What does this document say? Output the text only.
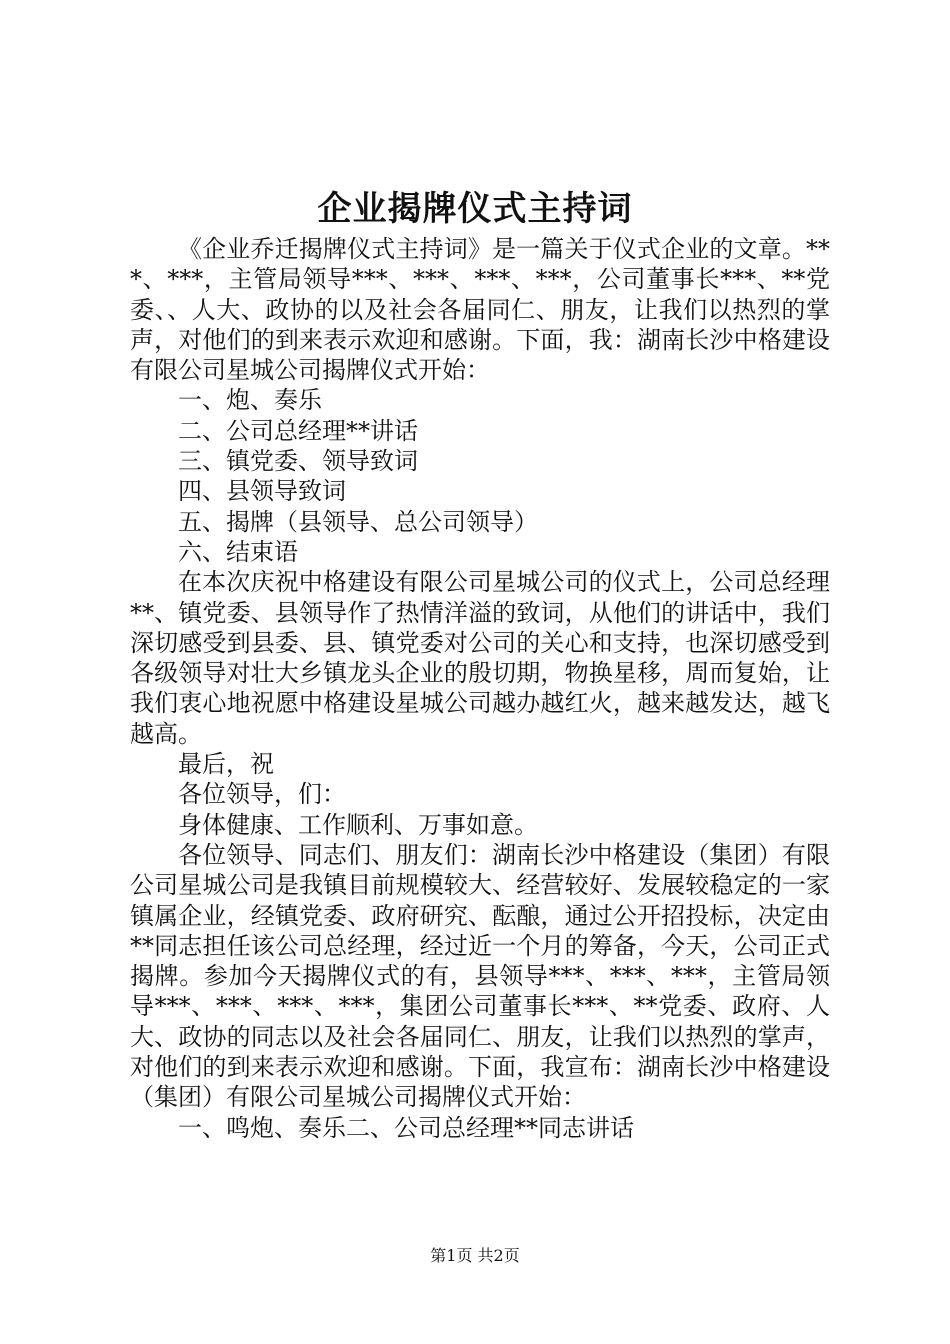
企业揭牌仪式主持词

《企业乔迁揭牌仪式主持词》是一篇关于仪式企业的文章。***、***，主管局领导***、***、***、***，公司董事长***、**党委、、人大、政协的以及社会各届同仁、朋友，让我们以热烈的掌声，对他们的到来表示欢迎和感谢。下面，我：湖南长沙中格建设有限公司星城公司揭牌仪式开始：

一、炮、奏乐

二、公司总经理**讲话

三、镇党委、领导致词

四、县领导致词

五、揭牌（县领导、总公司领导）

六、结束语

在本次庆祝中格建设有限公司星城公司的仪式上，公司总经理**、镇党委、县领导作了热情洋溢的致词，从他们的讲话中，我们深切感受到县委、县、镇党委对公司的关心和支持，也深切感受到各级领导对壮大乡镇龙头企业的殷切期，物换星移，周而复始，让我们衷心地祝愿中格建设星城公司越办越红火，越来越发达，越飞越高。

最后，祝

各位领导，们：

身体健康、工作顺利、万事如意。

各位领导、同志们、朋友们：湖南长沙中格建设（集团）有限公司星城公司是我镇目前规模较大、经营较好、发展较稳定的一家镇属企业，经镇党委、政府研究、酝酿，通过公开招投标，决定由**同志担任该公司总经理，经过近一个月的筹备，今天，公司正式揭牌。参加今天揭牌仪式的有，县领导***、***、***，主管局领导***、***、***、***，集团公司董事长***、**党委、政府、人大、政协的同志以及社会各届同仁、朋友，让我们以热烈的掌声，对他们的到来表示欢迎和感谢。下面，我宣布：湖南长沙中格建设（集团）有限公司星城公司揭牌仪式开始：

一、鸣炮、奏乐二、公司总经理**同志讲话

第1页 共2页
